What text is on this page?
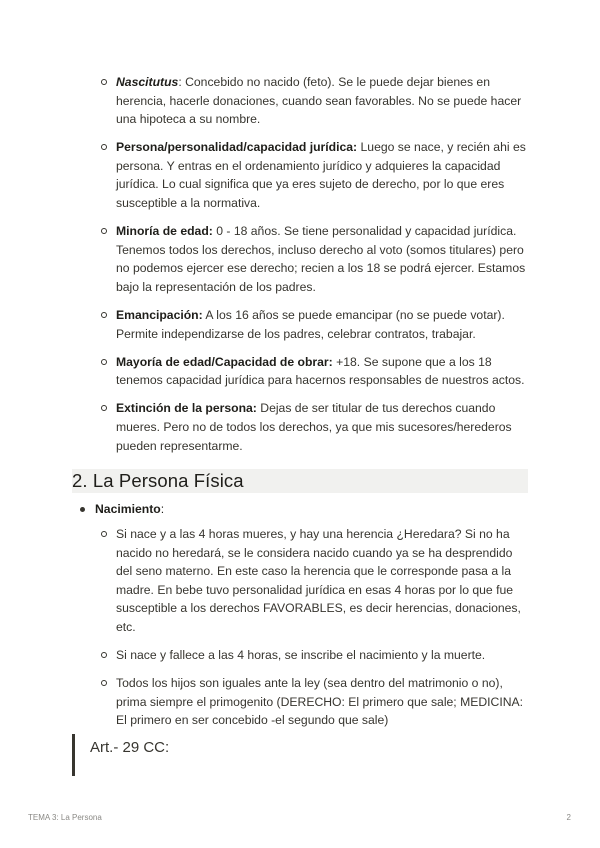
Nascitutus: Concebido no nacido (feto). Se le puede dejar bienes en herencia, hacerle donaciones, cuando sean favorables. No se puede hacer una hipoteca a su nombre.
Persona/personalidad/capacidad jurídica: Luego se nace, y recién ahi es persona. Y entras en el ordenamiento jurídico y adquieres la capacidad jurídica. Lo cual significa que ya eres sujeto de derecho, por lo que eres susceptible a la normativa.
Minoría de edad: 0 - 18 años. Se tiene personalidad y capacidad jurídica. Tenemos todos los derechos, incluso derecho al voto (somos titulares) pero no podemos ejercer ese derecho; recien a los 18 se podrá ejercer. Estamos bajo la representación de los padres.
Emancipación: A los 16 años se puede emancipar (no se puede votar). Permite independizarse de los padres, celebrar contratos, trabajar.
Mayoría de edad/Capacidad de obrar: +18. Se supone que a los 18 tenemos capacidad jurídica para hacernos responsables de nuestros actos.
Extinción de la persona: Dejas de ser titular de tus derechos cuando mueres. Pero no de todos los derechos, ya que mis sucesores/herederos pueden representarme.
2. La Persona Física
Nacimiento:
Si nace y a las 4 horas mueres, y hay una herencia ¿Heredara? Si no ha nacido no heredará, se le considera nacido cuando ya se ha desprendido del seno materno. En este caso la herencia que le corresponde pasa a la madre. En bebe tuvo personalidad jurídica en esas 4 horas por lo que fue susceptible a los derechos FAVORABLES, es decir herencias, donaciones, etc.
Si nace y fallece a las 4 horas, se inscribe el nacimiento y la muerte.
Todos los hijos son iguales ante la ley (sea dentro del matrimonio o no), prima siempre el primogenito (DERECHO: El primero que sale; MEDICINA: El primero en ser concebido -el segundo que sale)
Art.- 29 CC:
TEMA 3: La Persona	2
